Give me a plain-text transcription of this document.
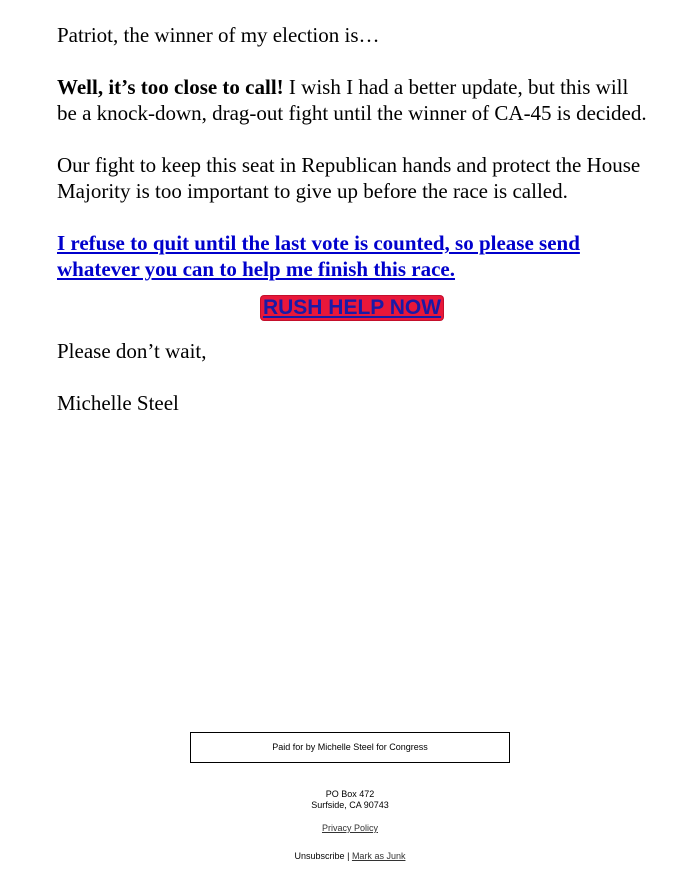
Patriot, the winner of my election is…

Well, it’s too close to call! I wish I had a better update, but this will be a knock-down, drag-out fight until the winner of CA-45 is decided.

Our fight to keep this seat in Republican hands and protect the House Majority is too important to give up before the race is called.

I refuse to quit until the last vote is counted, so please send whatever you can to help me finish this race.

RUSH HELP NOW

Please don’t wait,

Michelle Steel

Paid for by Michelle Steel for Congress
PO Box 472
Surfside, CA 90743
Privacy Policy
Unsubscribe | Mark as Junk
